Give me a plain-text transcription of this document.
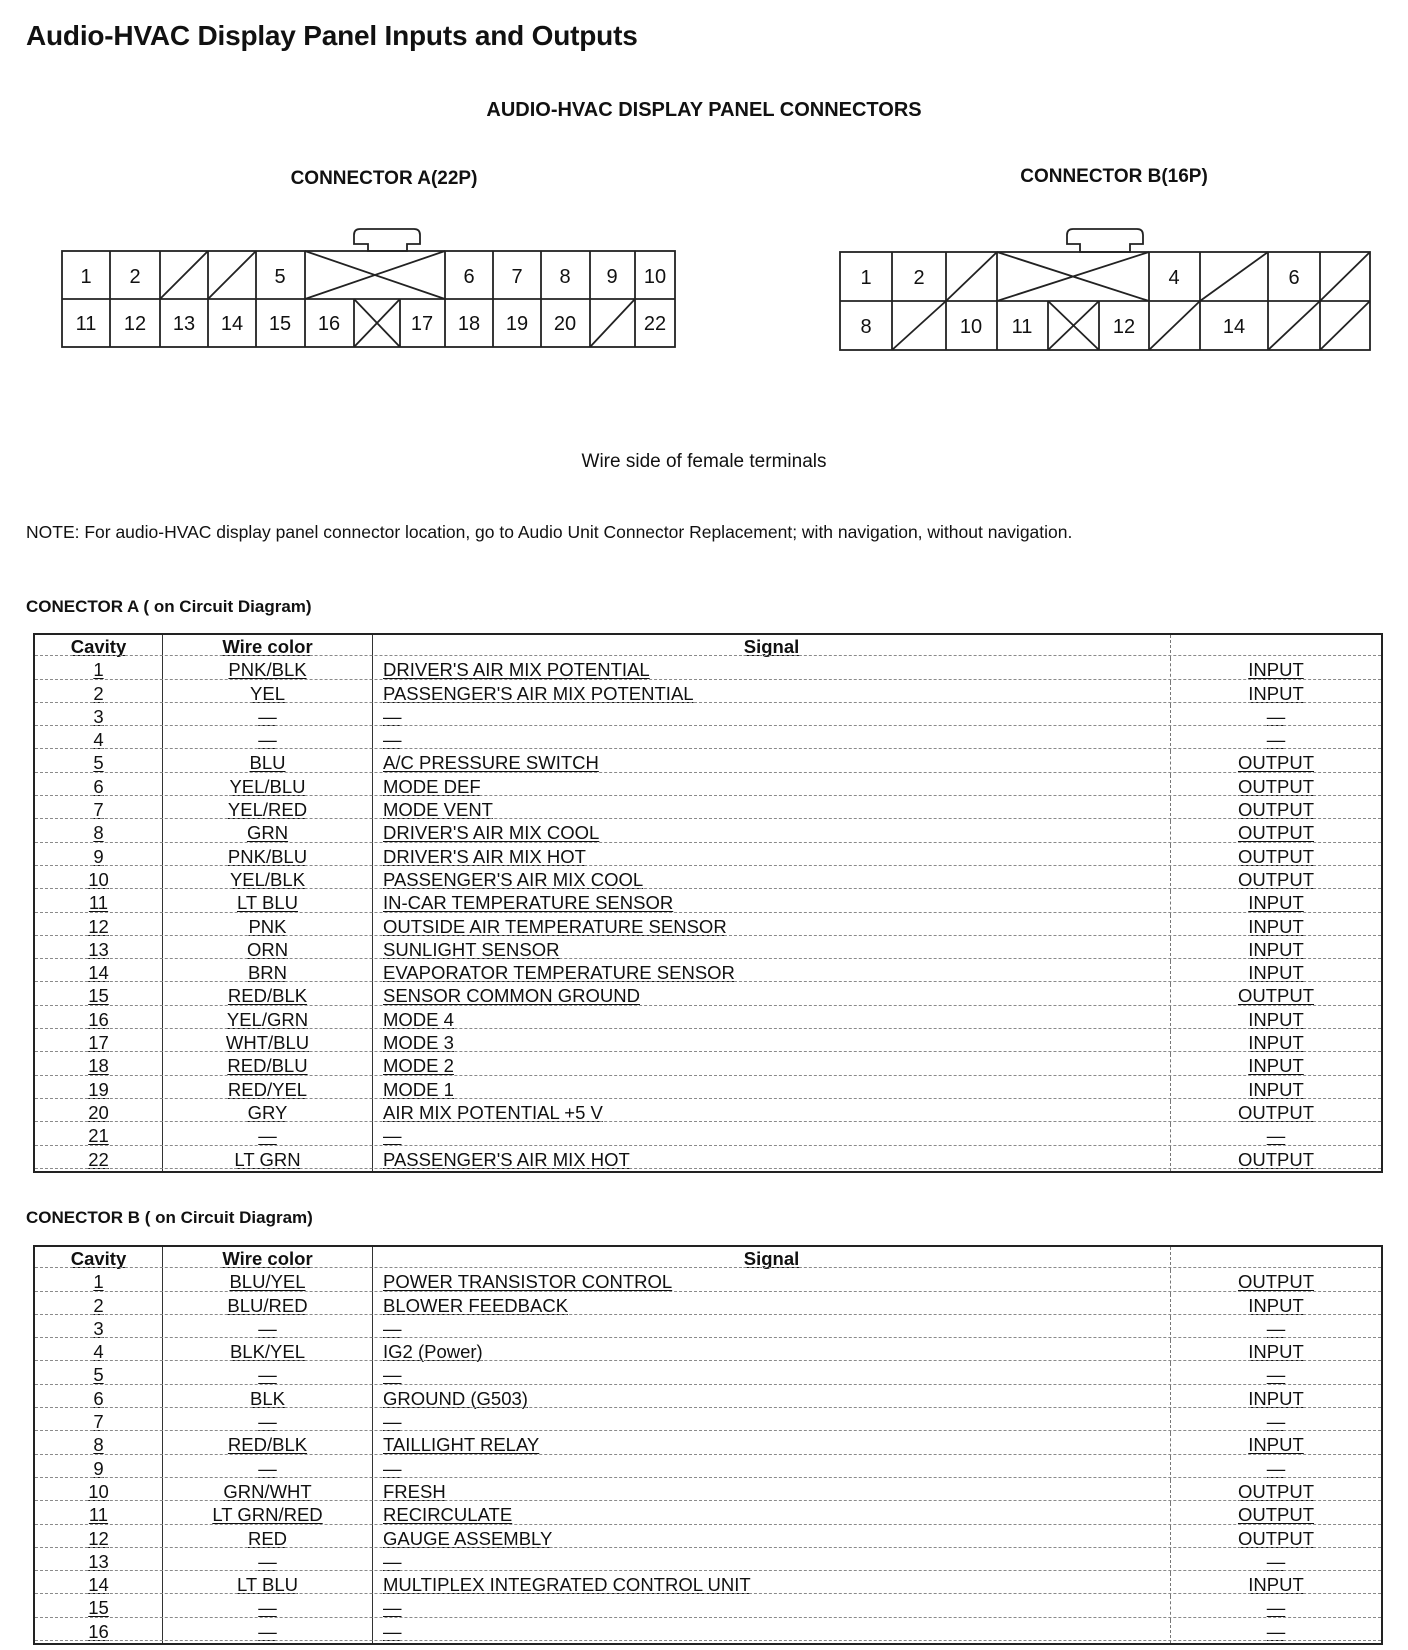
Audio-HVAC Display Panel Inputs and Outputs
AUDIO-HVAC DISPLAY PANEL CONNECTORS
CONNECTOR A(22P)	CONNECTOR B(16P)
1 2	5	6 7 8 9 10
11 12 13 14 15 16	17 18 19 20	22
1 2	4	6
8	10 11	12	14
Wire side of female terminals
NOTE: For audio-HVAC display panel connector location, go to Audio Unit Connector Replacement; with navigation, without navigation.
CONECTOR A ( on Circuit Diagram)
Cavity	Wire color	Signal
1	PNK/BLK	DRIVER'S AIR MIX POTENTIAL	INPUT
2	YEL	PASSENGER'S AIR MIX POTENTIAL	INPUT
3	—	—	—
4	—	—	—
5	BLU	A/C PRESSURE SWITCH	OUTPUT
6	YEL/BLU	MODE DEF	OUTPUT
7	YEL/RED	MODE VENT	OUTPUT
8	GRN	DRIVER'S AIR MIX COOL	OUTPUT
9	PNK/BLU	DRIVER'S AIR MIX HOT	OUTPUT
10	YEL/BLK	PASSENGER'S AIR MIX COOL	OUTPUT
11	LT BLU	IN-CAR TEMPERATURE SENSOR	INPUT
12	PNK	OUTSIDE AIR TEMPERATURE SENSOR	INPUT
13	ORN	SUNLIGHT SENSOR	INPUT
14	BRN	EVAPORATOR TEMPERATURE SENSOR	INPUT
15	RED/BLK	SENSOR COMMON GROUND	OUTPUT
16	YEL/GRN	MODE 4	INPUT
17	WHT/BLU	MODE 3	INPUT
18	RED/BLU	MODE 2	INPUT
19	RED/YEL	MODE 1	INPUT
20	GRY	AIR MIX POTENTIAL +5 V	OUTPUT
21	—	—	—
22	LT GRN	PASSENGER'S AIR MIX HOT	OUTPUT
CONECTOR B ( on Circuit Diagram)
Cavity	Wire color	Signal
1	BLU/YEL	POWER TRANSISTOR CONTROL	OUTPUT
2	BLU/RED	BLOWER FEEDBACK	INPUT
3	—	—	—
4	BLK/YEL	IG2 (Power)	INPUT
5	—	—	—
6	BLK	GROUND (G503)	INPUT
7	—	—	—
8	RED/BLK	TAILLIGHT RELAY	INPUT
9	—	—	—
10	GRN/WHT	FRESH	OUTPUT
11	LT GRN/RED	RECIRCULATE	OUTPUT
12	RED	GAUGE ASSEMBLY	OUTPUT
13	—	—	—
14	LT BLU	MULTIPLEX INTEGRATED CONTROL UNIT	INPUT
15	—	—	—
16	—	—	—
